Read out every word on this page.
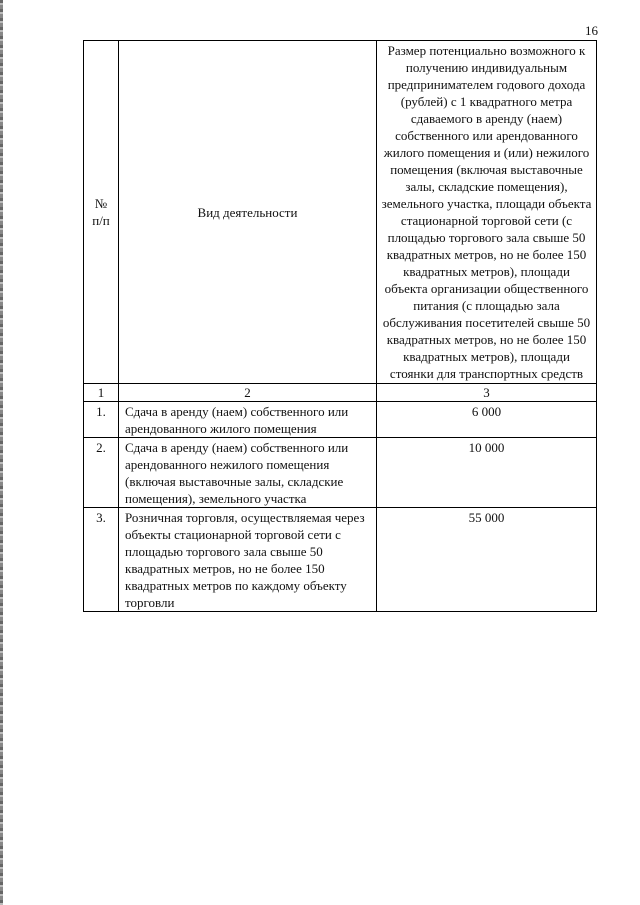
16
№
п/п	Вид деятельности	Размер потенциально возможного к получению индивидуальным предпринимателем годового дохода (рублей) с 1 квадратного метра сдаваемого в аренду (наем) собственного или арендованного жилого помещения и (или) нежилого помещения (включая выставочные залы, складские помещения), земельного участка, площади объекта стационарной торговой сети (с площадью торгового зала свыше 50 квадратных метров, но не более 150 квадратных метров), площади объекта организации общественного питания (с площадью зала обслуживания посетителей свыше 50 квадратных метров, но не более 150 квадратных метров), площади стоянки для транспортных средств
1	2	3
1.	Сдача в аренду (наем) собственного или арендованного жилого помещения	6 000
2.	Сдача в аренду (наем) собственного или арендованного нежилого помещения (включая выставочные залы, складские помещения), земельного участка	10 000
3.	Розничная торговля, осуществляемая через объекты стационарной торговой сети с площадью торгового зала свыше 50 квадратных метров, но не более 150 квадратных метров по каждому объекту торговли	55 000
